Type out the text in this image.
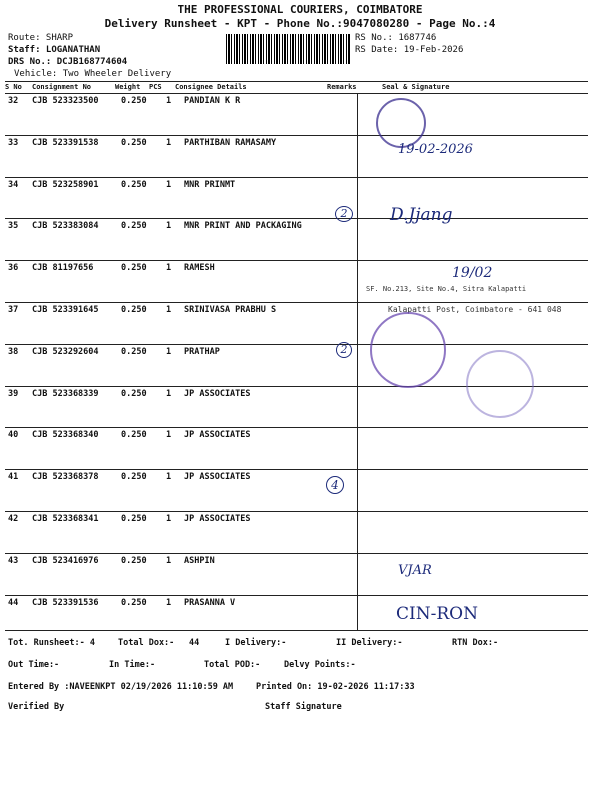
THE PROFESSIONAL COURIERS, COIMBATORE
Delivery Runsheet - KPT - Phone No.:9047080280 - Page No.:4
Route: SHARP
Staff: LOGANATHAN
DRS No.: DCJB168774604
Vehicle: Two Wheeler Delivery
RS No.: 1687746
RS Date: 19-Feb-2026
S No Consignment No	Weight PCS Consignee Details	Remarks	Seal & Signature
32 CJB 523323500	0.250 1 PANDIAN K R
33 CJB 523391538	0.250 1 PARTHIBAN RAMASAMY
34 CJB 523258901	0.250 1 MNR PRINMT
35 CJB 523383084	0.250 1 MNR PRINT AND PACKAGING
36 CJB 81197656	0.250 1 RAMESH
37 CJB 523391645	0.250 1 SRINIVASA PRABHU S
38 CJB 523292604	0.250 1 PRATHAP
39 CJB 523368339	0.250 1 JP ASSOCIATES
40 CJB 523368340	0.250 1 JP ASSOCIATES
41 CJB 523368378	0.250 1 JP ASSOCIATES
42 CJB 523368341	0.250 1 JP ASSOCIATES
43 CJB 523416976	0.250 1 ASHPIN
44 CJB 523391536	0.250 1 PRASANNA V
19-02-2026
2	D.Jjang
19/02
SF. No.213, Site No.4, Sitra Kalapatti
Kalapatti Post, Coimbatore - 641 048
2
4
VJAR
CIN-RON
Tot. Runsheet:- 4	Total Dox:- 44	I Delivery:-	II Delivery:-	RTN Dox:-
Out Time:-	In Time:-	Total POD:-	Delvy Points:-
Entered By :NAVEENKPT 02/19/2026 11:10:59 AM	Printed On: 19-02-2026 11:17:33
Verified By	Staff Signature
